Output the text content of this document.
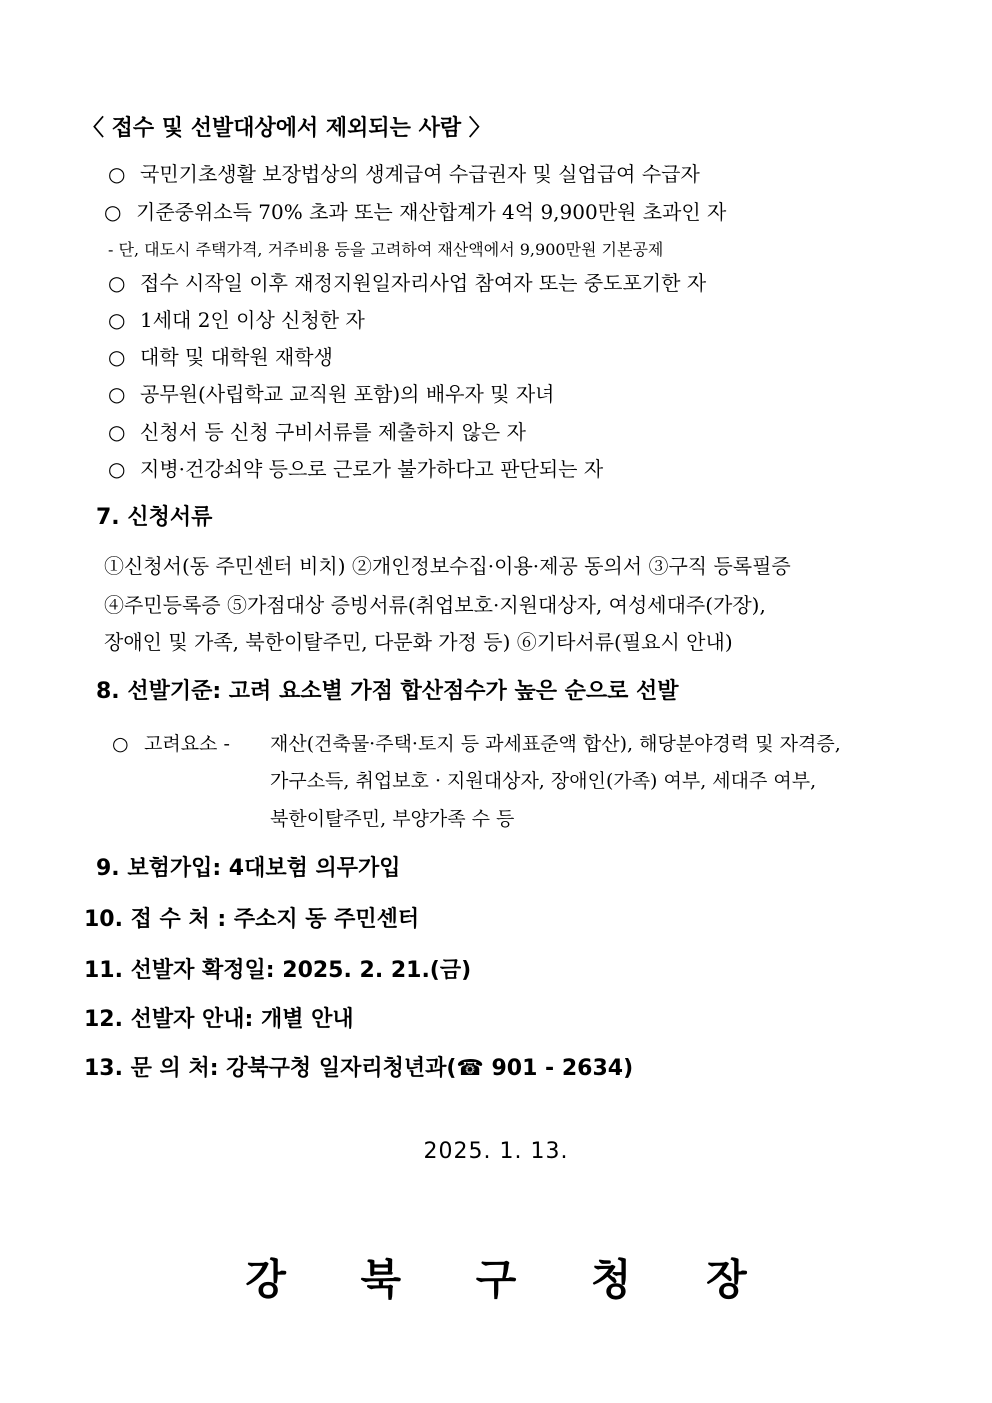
〈 접수 및 선발대상에서 제외되는 사람 〉
○ 국민기초생활 보장법상의 생계급여 수급권자 및 실업급여 수급자
○ 기준중위소득 70% 초과 또는 재산합계가 4억 9,900만원 초과인 자
- 단, 대도시 주택가격, 거주비용 등을 고려하여 재산액에서 9,900만원 기본공제
○ 접수 시작일 이후 재정지원일자리사업 참여자 또는 중도포기한 자
○ 1세대 2인 이상 신청한 자
○ 대학 및 대학원 재학생
○ 공무원(사립학교 교직원 포함)의 배우자 및 자녀
○ 신청서 등 신청 구비서류를 제출하지 않은 자
○ 지병·건강쇠약 등으로 근로가 불가하다고 판단되는 자
7. 신청서류
①신청서(동 주민센터 비치) ②개인정보수집·이용·제공 동의서 ③구직 등록필증
④주민등록증 ⑤가점대상 증빙서류(취업보호·지원대상자, 여성세대주(가장),
장애인 및 가족, 북한이탈주민, 다문화 가정 등) ⑥기타서류(필요시 안내)
8. 선발기준: 고려 요소별 가점 합산점수가 높은 순으로 선발
○ 고려요소 - 재산(건축물·주택·토지 등 과세표준액 합산), 해당분야경력 및 자격증,
가구소득, 취업보호 · 지원대상자, 장애인(가족) 여부, 세대주 여부,
북한이탈주민, 부양가족 수 등
9. 보험가입: 4대보험 의무가입
10. 접 수 처 : 주소지 동 주민센터
11. 선발자 확정일: 2025. 2. 21.(금)
12. 선발자 안내: 개별 안내
13. 문 의 처: 강북구청 일자리청년과(☎ 901 - 2634)
2025. 1. 13.
강 북 구 청 장
